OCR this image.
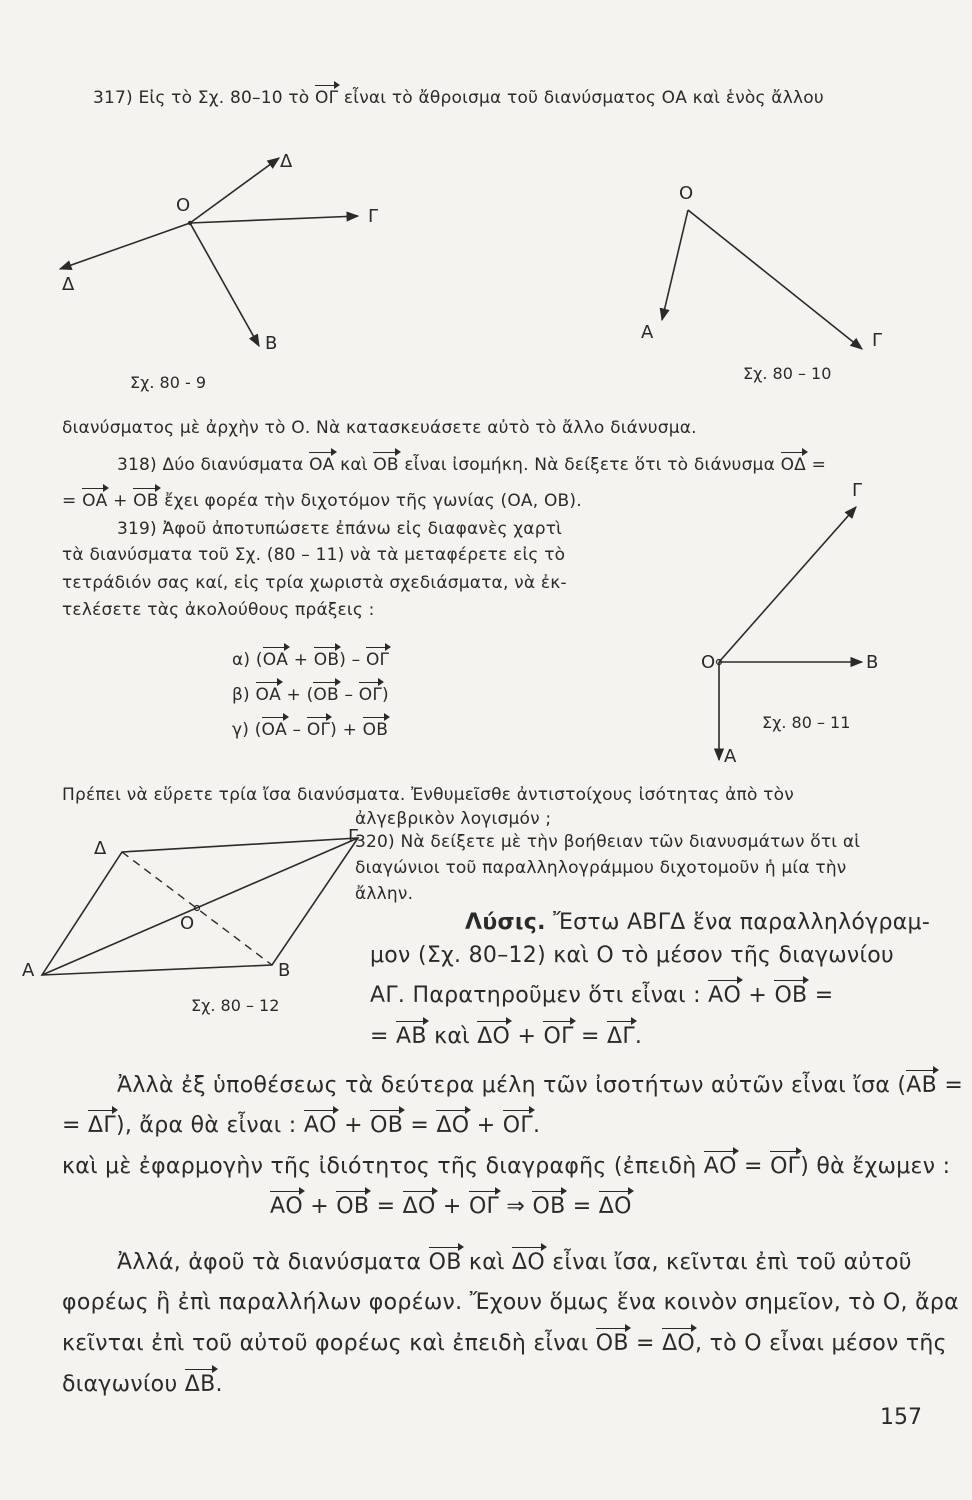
317) Εἰς τὸ Σχ. 80–10 τὸ ΟΓ εἶναι τὸ ἄθροισμα τοῦ διανύσματος ΟΑ καὶ ἑνὸς ἄλλου
Ο
Δ
Γ
Δ
Β
Σχ. 80 - 9
Ο
Α	Γ
Σχ. 80 – 10
διανύσματος μὲ ἀρχὴν τὸ Ο. Νὰ κατασκευάσετε αὐτὸ τὸ ἄλλο διάνυσμα.
318) Δύο διανύσματα ΟΑ καὶ ΟΒ εἶναι ἰσομήκη. Νὰ δείξετε ὅτι τὸ διάνυσμα ΟΔ =
= ΟΑ + ΟΒ ἔχει φορέα τὴν διχοτόμον τῆς γωνίας (ΟΑ, ΟΒ).
319) Ἀφοῦ ἀποτυπώσετε ἐπάνω εἰς διαφανὲς χαρτὶ
τὰ διανύσματα τοῦ Σχ. (80 – 11) νὰ τὰ μεταφέρετε εἰς τὸ
τετράδιόν σας καί, εἰς τρία χωριστὰ σχεδιάσματα, νὰ ἐκ-
τελέσετε τὰς ἀκολούθους πράξεις :
α) (ΟΑ + ΟΒ) – ΟΓ
β) ΟΑ + (ΟΒ – ΟΓ)
γ) (ΟΑ – ΟΓ) + ΟΒ
Γ
Ο	Β
Α
Σχ. 80 – 11
Πρέπει νὰ εὕρετε τρία ἴσα διανύσματα. Ἐνθυμεῖσθε ἀντιστοίχους ἰσότητας ἀπὸ τὸν
ἀλγεβρικὸν λογισμόν ;
320) Νὰ δείξετε μὲ τὴν βοήθειαν τῶν διανυσμάτων ὅτι αἱ
διαγώνιοι τοῦ παραλληλογράμμου διχοτομοῦν ἡ μία τὴν
ἄλλην.
Δ
Γ
Ο
Α	Β
Σχ. 80 – 12
Λύσις. Ἔστω ΑΒΓΔ ἕνα παραλληλόγραμ-
μον (Σχ. 80–12) καὶ Ο τὸ μέσον τῆς διαγωνίου
ΑΓ. Παρατηροῦμεν ὅτι εἶναι : ΑΟ + ΟΒ =
= ΑΒ καὶ ΔΟ + ΟΓ = ΔΓ.
Ἀλλὰ ἐξ ὑποθέσεως τὰ δεύτερα μέλη τῶν ἰσοτήτων αὐτῶν εἶναι ἴσα (ΑΒ =
= ΔΓ), ἄρα θὰ εἶναι : ΑΟ + ΟΒ = ΔΟ + ΟΓ.
καὶ μὲ ἐφαρμογὴν τῆς ἰδιότητος τῆς διαγραφῆς (ἐπειδὴ ΑΟ = ΟΓ) θὰ ἔχωμεν :
ΑΟ + ΟΒ = ΔΟ + ΟΓ ⇒ ΟΒ = ΔΟ
Ἀλλά, ἀφοῦ τὰ διανύσματα ΟΒ καὶ ΔΟ εἶναι ἴσα, κεῖνται ἐπὶ τοῦ αὐτοῦ
φορέως ἢ ἐπὶ παραλλήλων φορέων. Ἔχουν ὅμως ἕνα κοινὸν σημεῖον, τὸ Ο, ἄρα
κεῖνται ἐπὶ τοῦ αὐτοῦ φορέως καὶ ἐπειδὴ εἶναι ΟΒ = ΔΟ, τὸ Ο εἶναι μέσον τῆς
διαγωνίου ΔΒ.
157
